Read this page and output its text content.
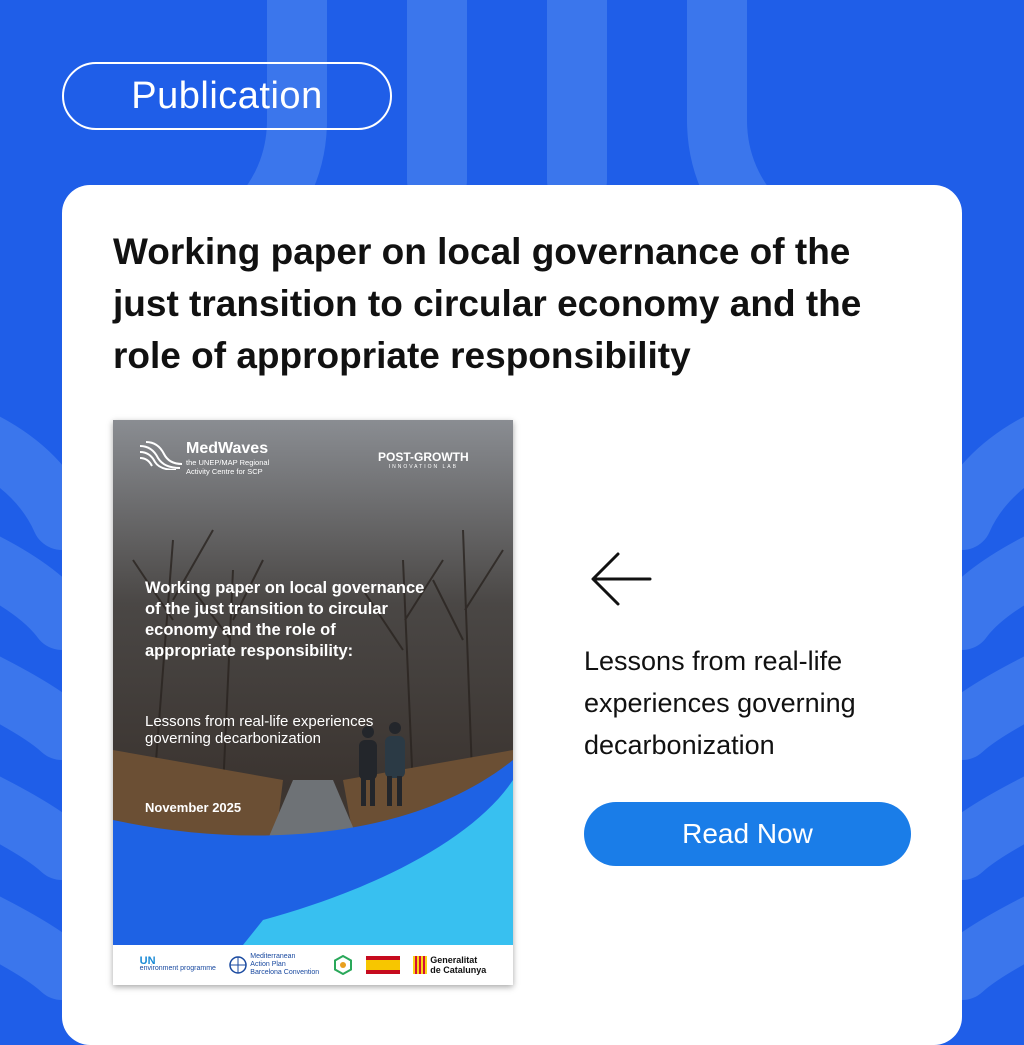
Publication
Working paper on local governance of the just transition to circular economy and the role of appropriate responsibility
MedWaves
the UNEP/MAP Regional
Activity Centre for SCP
POST-GROWTH
INNOVATION LAB
Working paper on local governance of the just transition to circular economy and the role of appropriate responsibility:
Lessons from real-life experiences governing decarbonization
November 2025
UN
environment programme
Mediterranean
Action Plan
Barcelona Convention
Generalitat
de Catalunya
Lessons from real-life experiences governing decarbonization
Read Now
